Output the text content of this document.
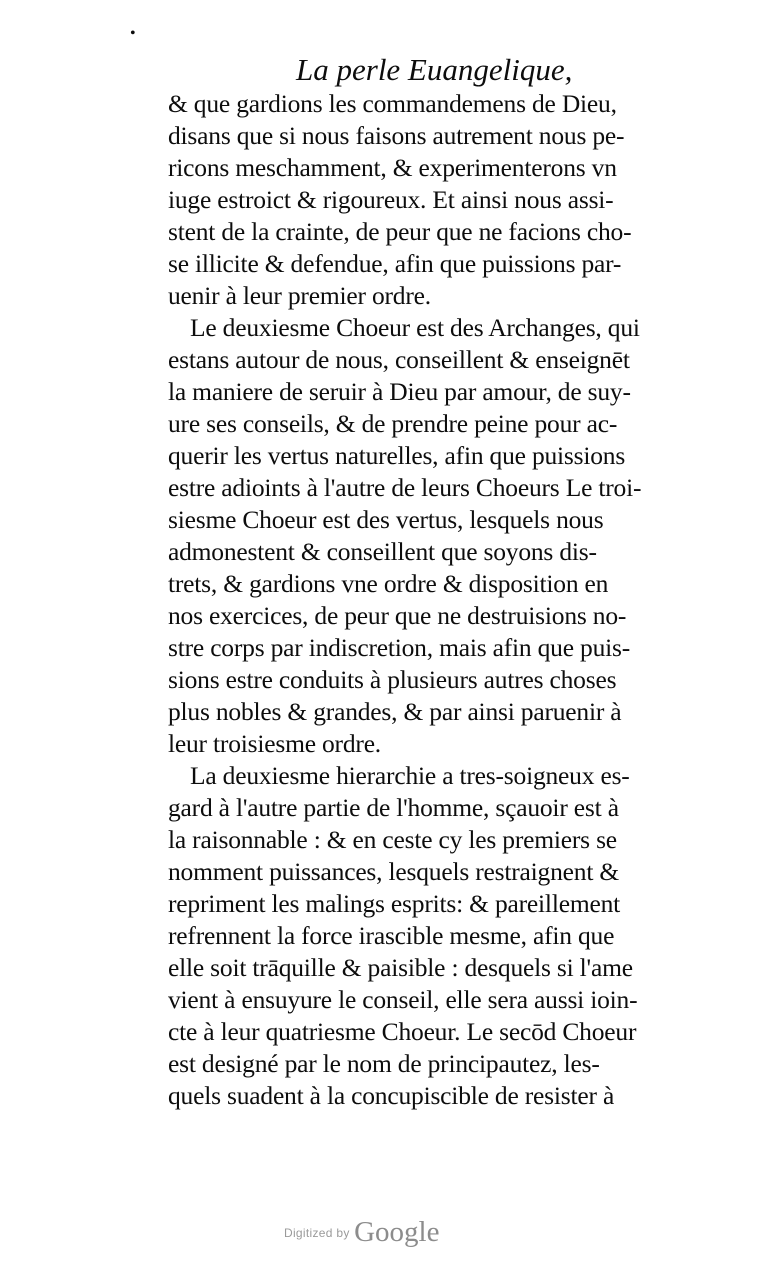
•
La perle Euangelique,
& que gardions les commandemens de Dieu,
disans que si nous faisons autrement nous pe-
ricons meschamment, & experimenterons vn
iuge estroict & rigoureux. Et ainsi nous assi-
stent de la crainte, de peur que ne facions cho-
se illicite & defendue, afin que puissions par-
uenir à leur premier ordre.
Le deuxiesme Choeur est des Archanges, qui
estans autour de nous, conseillent & enseignēt
la maniere de seruir à Dieu par amour, de suy-
ure ses conseils, & de prendre peine pour ac-
querir les vertus naturelles, afin que puissions
estre adioints à l'autre de leurs Choeurs Le troi-
siesme Choeur est des vertus, lesquels nous
admonestent & conseillent que soyons dis-
trets, & gardions vne ordre & disposition en
nos exercices, de peur que ne destruisions no-
stre corps par indiscretion, mais afin que puis-
sions estre conduits à plusieurs autres choses
plus nobles & grandes, & par ainsi paruenir à
leur troisiesme ordre.
La deuxiesme hierarchie a tres-soigneux es-
gard à l'autre partie de l'homme, sçauoir est à
la raisonnable : & en ceste cy les premiers se
nomment puissances, lesquels restraignent &
repriment les malings esprits: & pareillement
refrennent la force irascible mesme, afin que
elle soit trāquille & paisible : desquels si l'ame
vient à ensuyure le conseil, elle sera aussi ioin-
cte à leur quatriesme Choeur. Le secōd Choeur
est designé par le nom de principautez, les-
quels suadent à la concupiscible de resister à
$^{Digitized by}$ Google
